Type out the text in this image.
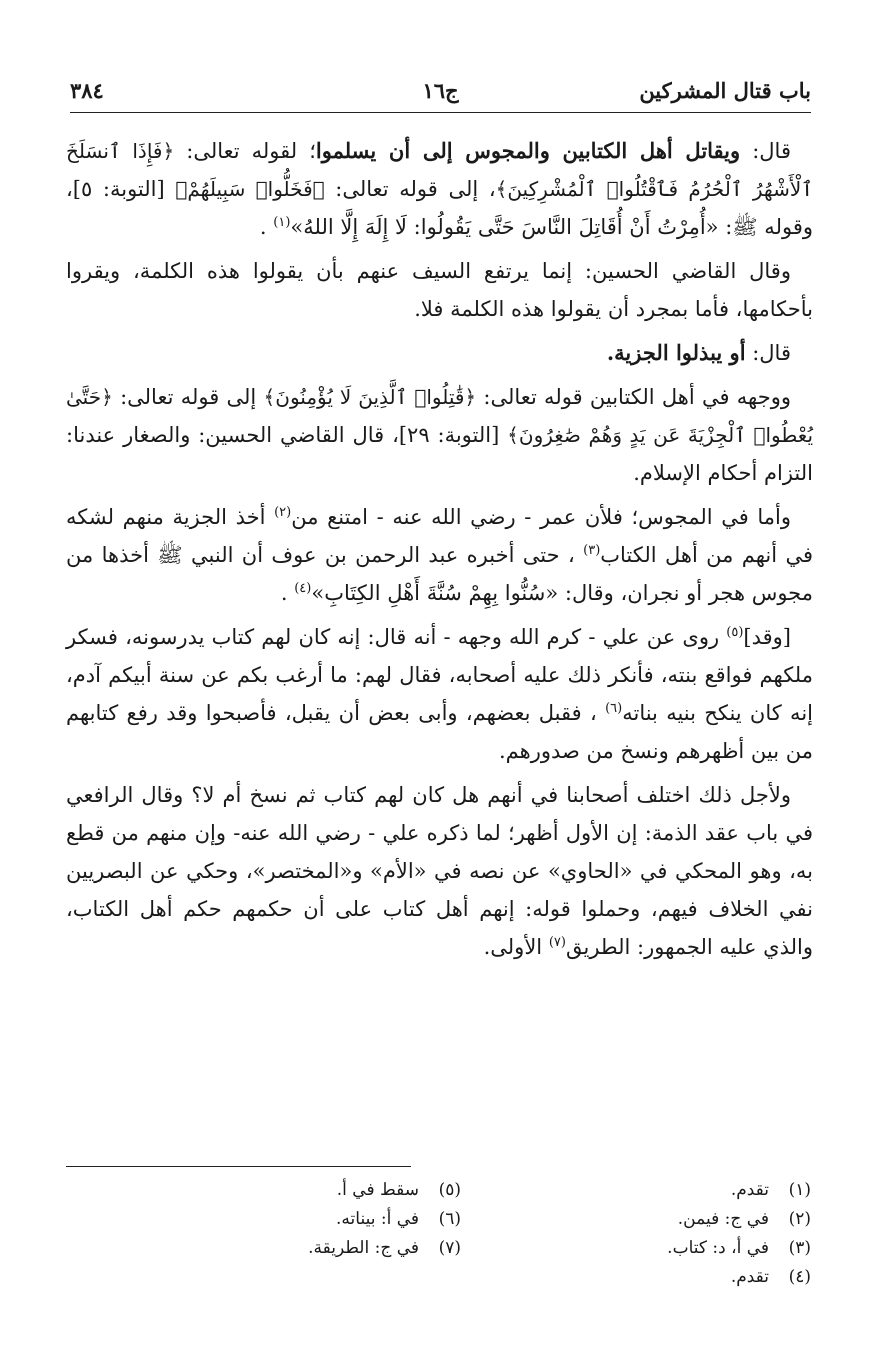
باب قتال المشركين
ج١٦
٣٨٤

قال: ويقاتل أهل الكتابين والمجوس إلى أن يسلموا؛ لقوله تعالى: ﴿فَإِذَا ٱنسَلَخَ ٱلْأَشْهُرُ ٱلْحُرُمُ فَٱقْتُلُوا۟ ٱلْمُشْرِكِينَ﴾، إلى قوله تعالى: ﴿فَخَلُّوا۟ سَبِيلَهُمْ﴾ [التوبة: ٥]، وقوله ﷺ: «أُمِرْتُ أَنْ أُقَاتِلَ النَّاسَ حَتَّى يَقُولُوا: لَا إِلَهَ إِلَّا اللهُ»$^{(١)}$ .

وقال القاضي الحسين: إنما يرتفع السيف عنهم بأن يقولوا هذه الكلمة، ويقروا بأحكامها، فأما بمجرد أن يقولوا هذه الكلمة فلا.

قال: أو يبذلوا الجزية.

ووجهه في أهل الكتابين قوله تعالى: ﴿قَٰتِلُوا۟ ٱلَّذِينَ لَا يُؤْمِنُونَ﴾ إلى قوله تعالى: ﴿حَتَّىٰ يُعْطُوا۟ ٱلْجِزْيَةَ عَن يَدٍ وَهُمْ صَٰغِرُونَ﴾ [التوبة: ٢٩]، قال القاضي الحسين: والصغار عندنا: التزام أحكام الإسلام.

وأما في المجوس؛ فلأن عمر - رضي الله عنه - امتنع من$^{(٢)}$ أخذ الجزية منهم لشكه في أنهم من أهل الكتاب$^{(٣)}$ ، حتى أخبره عبد الرحمن بن عوف أن النبي ﷺ أخذها من مجوس هجر أو نجران، وقال: «سُنُّوا بِهِمْ سُنَّةَ أَهْلِ الكِتَابِ»$^{(٤)}$ .

[وقد]$^{(٥)}$ روى عن علي - كرم الله وجهه - أنه قال: إنه كان لهم كتاب يدرسونه، فسكر ملكهم فواقع بنته، فأنكر ذلك عليه أصحابه، فقال لهم: ما أرغب بكم عن سنة أبيكم آدم، إنه كان ينكح بنيه بناته$^{(٦)}$ ، فقبل بعضهم، وأبى بعض أن يقبل، فأصبحوا وقد رفع كتابهم من بين أظهرهم ونسخ من صدورهم.

ولأجل ذلك اختلف أصحابنا في أنهم هل كان لهم كتاب ثم نسخ أم لا؟ وقال الرافعي في باب عقد الذمة: إن الأول أظهر؛ لما ذكره علي - رضي الله عنه- وإن منهم من قطع به، وهو المحكي في «الحاوي» عن نصه في «الأم» و«المختصر»، وحكي عن البصريين نفي الخلاف فيهم، وحملوا قوله: إنهم أهل كتاب على أن حكمهم حكم أهل الكتاب، والذي عليه الجمهور: الطريق$^{(٧)}$ الأولى.

(١)تقدم.
(٢)في ج: فيمن.
(٣)في أ، د: كتاب.
(٤)تقدم.
(٥)سقط في أ.
(٦)في أ: بيناته.
(٧)في ج: الطريقة.
